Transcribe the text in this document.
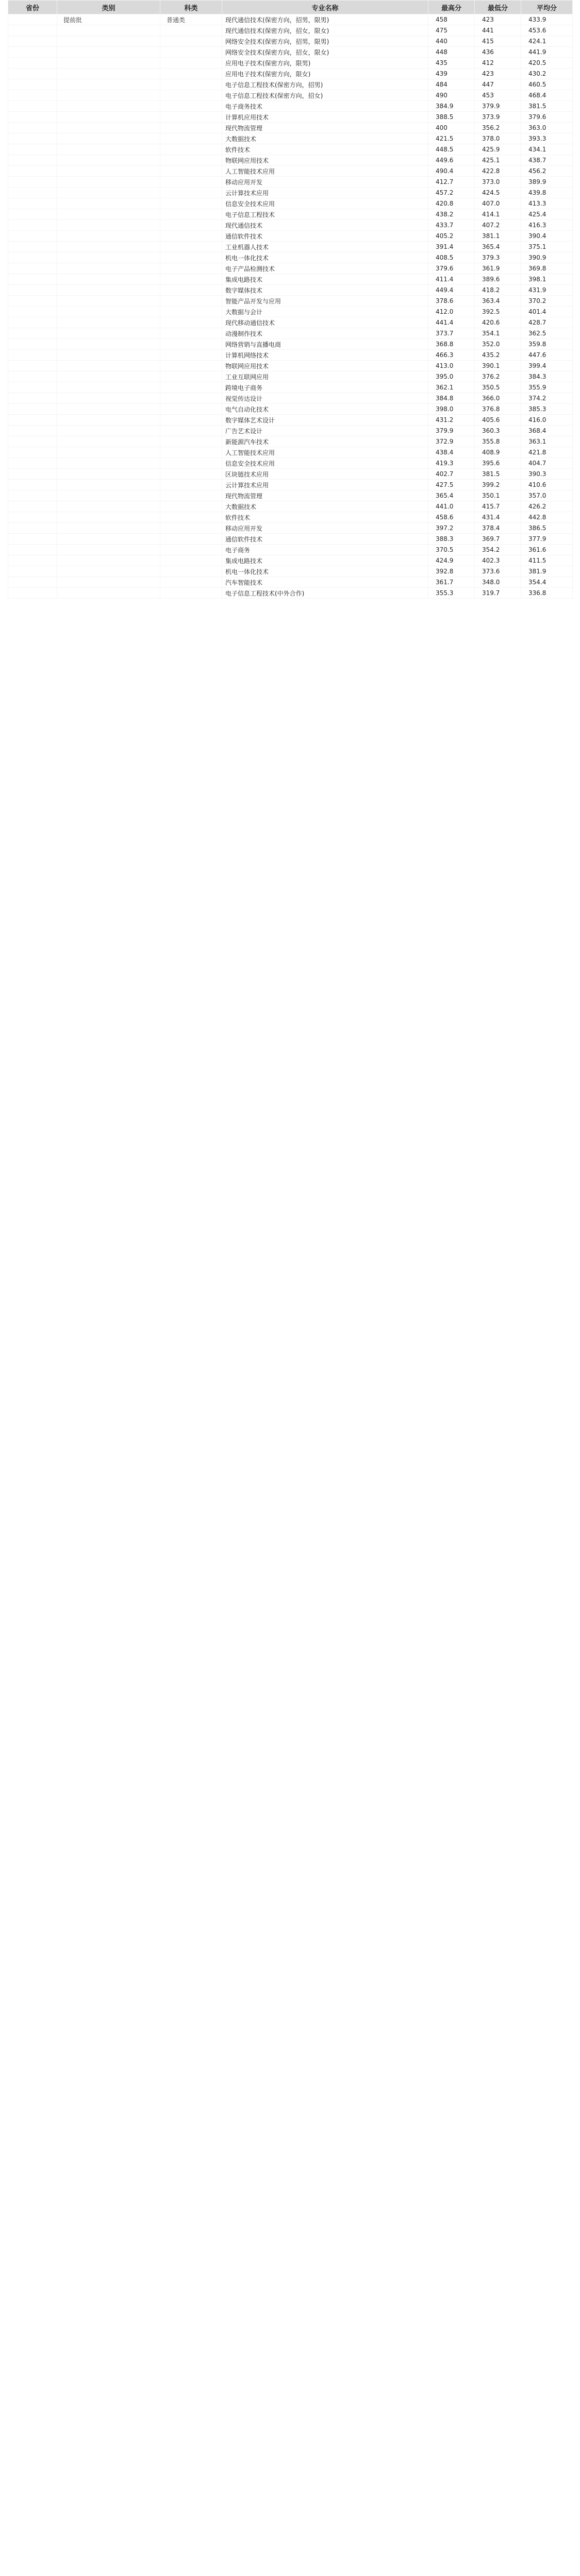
省份	类别	科类	专业名称	最高分	最低分	平均分
	提前批	普通类	现代通信技术(保密方向，招男，限男)	458	423	433.9
			现代通信技术(保密方向，招女，限女)	475	441	453.6
			网络安全技术(保密方向，招男，限男)	440	415	424.1
			网络安全技术(保密方向，招女，限女)	448	436	441.9
			应用电子技术(保密方向，限男)	435	412	420.5
			应用电子技术(保密方向，限女)	439	423	430.2
			电子信息工程技术(保密方向，招男)	484	447	460.5
			电子信息工程技术(保密方向，招女)	490	453	468.4
			电子商务技术	384.9	379.9	381.5
			计算机应用技术	388.5	373.9	379.6
			现代物流管理	400	356.2	363.0
			大数据技术	421.5	378.0	393.3
			软件技术	448.5	425.9	434.1
			物联网应用技术	449.6	425.1	438.7
			人工智能技术应用	490.4	422.8	456.2
			移动应用开发	412.7	373.0	389.9
			云计算技术应用	457.2	424.5	439.8
			信息安全技术应用	420.8	407.0	413.3
			电子信息工程技术	438.2	414.1	425.4
			现代通信技术	433.7	407.2	416.3
			通信软件技术	405.2	381.1	390.4
			工业机器人技术	391.4	365.4	375.1
			机电一体化技术	408.5	379.3	390.9
			电子产品检测技术	379.6	361.9	369.8
			集成电路技术	411.4	389.6	398.1
			数字媒体技术	449.4	418.2	431.9
			智能产品开发与应用	378.6	363.4	370.2
			大数据与会计	412.0	392.5	401.4
			现代移动通信技术	441.4	420.6	428.7
			动漫制作技术	373.7	354.1	362.5
			网络营销与直播电商	368.8	352.0	359.8
			计算机网络技术	466.3	435.2	447.6
			物联网应用技术	413.0	390.1	399.4
			工业互联网应用	395.0	376.2	384.3
			跨境电子商务	362.1	350.5	355.9
			视觉传达设计	384.8	366.0	374.2
			电气自动化技术	398.0	376.8	385.3
			数字媒体艺术设计	431.2	405.6	416.0
			广告艺术设计	379.9	360.3	368.4
			新能源汽车技术	372.9	355.8	363.1
			人工智能技术应用	438.4	408.9	421.8
			信息安全技术应用	419.3	395.6	404.7
			区块链技术应用	402.7	381.5	390.3
			云计算技术应用	427.5	399.2	410.6
			现代物流管理	365.4	350.1	357.0
			大数据技术	441.0	415.7	426.2
			软件技术	458.6	431.4	442.8
			移动应用开发	397.2	378.4	386.5
			通信软件技术	388.3	369.7	377.9
			电子商务	370.5	354.2	361.6
			集成电路技术	424.9	402.3	411.5
			机电一体化技术	392.8	373.6	381.9
			汽车智能技术	361.7	348.0	354.4
			电子信息工程技术(中外合作)	355.3	319.7	336.8
